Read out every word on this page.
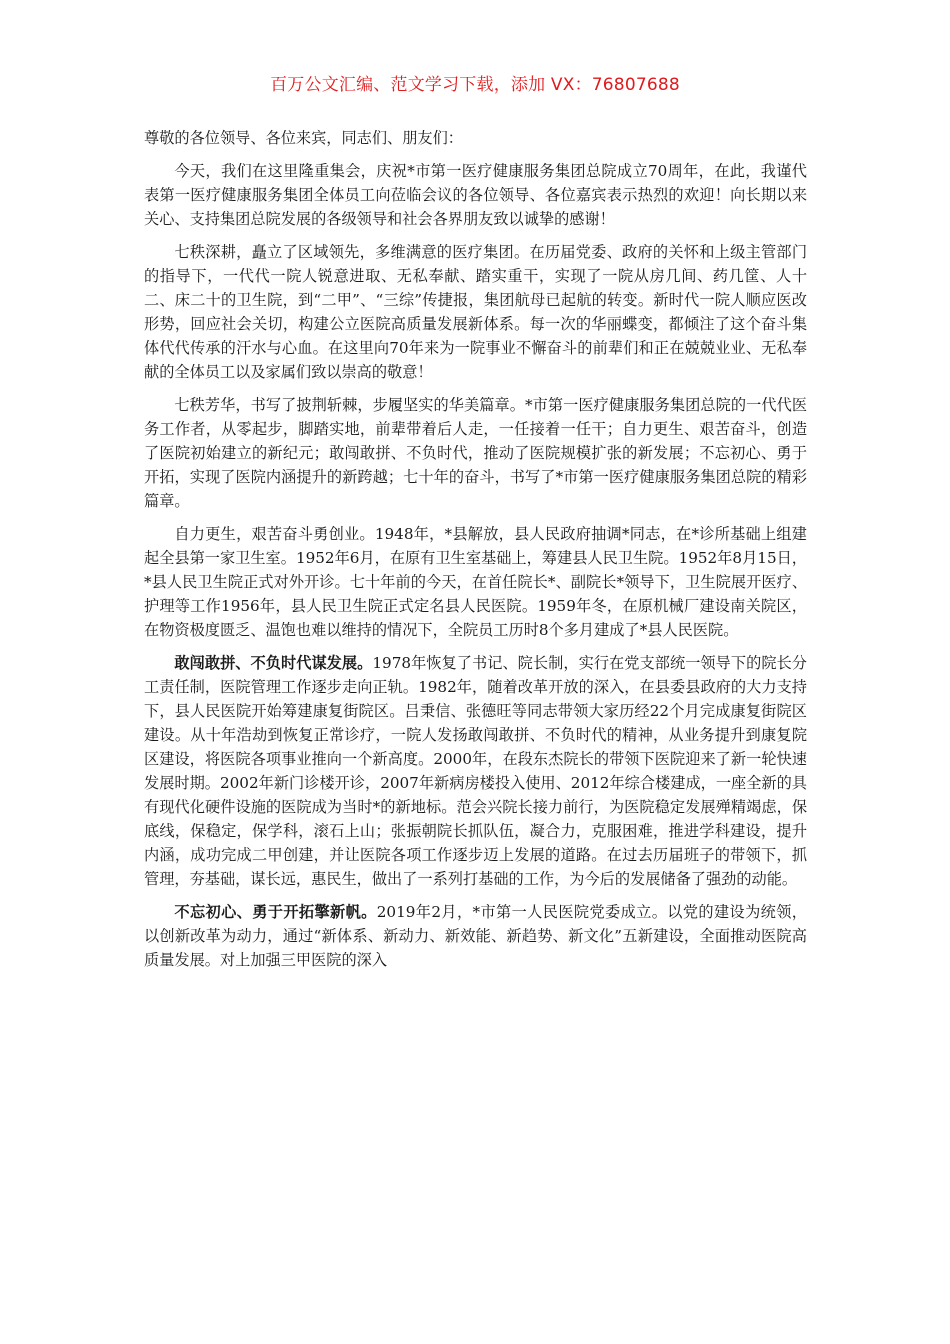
百万公文汇编、范文学习下载，添加 VX：76807688

尊敬的各位领导、各位来宾，同志们、朋友们：

今天，我们在这里隆重集会，庆祝*市第一医疗健康服务集团总院成立70周年，在此，我谨代表第一医疗健康服务集团全体员工向莅临会议的各位领导、各位嘉宾表示热烈的欢迎！向长期以来关心、支持集团总院发展的各级领导和社会各界朋友致以诚挚的感谢！

七秩深耕，矗立了区域领先，多维满意的医疗集团。在历届党委、政府的关怀和上级主管部门的指导下，一代代一院人锐意进取、无私奉献、踏实重干，实现了一院从房几间、药几筐、人十二、床二十的卫生院，到“二甲”、“三综”传捷报，集团航母已起航的转变。新时代一院人顺应医改形势，回应社会关切，构建公立医院高质量发展新体系。每一次的华丽蝶变，都倾注了这个奋斗集体代代传承的汗水与心血。在这里向70年来为一院事业不懈奋斗的前辈们和正在兢兢业业、无私奉献的全体员工以及家属们致以崇高的敬意！

七秩芳华，书写了披荆斩棘，步履坚实的华美篇章。*市第一医疗健康服务集团总院的一代代医务工作者，从零起步，脚踏实地，前辈带着后人走，一任接着一任干；自力更生、艰苦奋斗，创造了医院初始建立的新纪元；敢闯敢拼、不负时代，推动了医院规模扩张的新发展；不忘初心、勇于开拓，实现了医院内涵提升的新跨越；七十年的奋斗，书写了*市第一医疗健康服务集团总院的精彩篇章。

自力更生，艰苦奋斗勇创业。1948年，*县解放，县人民政府抽调*同志，在*诊所基础上组建起全县第一家卫生室。1952年6月，在原有卫生室基础上，筹建县人民卫生院。1952年8月15日，*县人民卫生院正式对外开诊。七十年前的今天，在首任院长*、副院长*领导下，卫生院展开医疗、护理等工作1956年，县人民卫生院正式定名县人民医院。1959年冬，在原机械厂建设南关院区，在物资极度匮乏、温饱也难以维持的情况下，全院员工历时8个多月建成了*县人民医院。

敢闯敢拼、不负时代谋发展。1978年恢复了书记、院长制，实行在党支部统一领导下的院长分工责任制，医院管理工作逐步走向正轨。1982年，随着改革开放的深入，在县委县政府的大力支持下，县人民医院开始筹建康复街院区。吕秉信、张德旺等同志带领大家历经22个月完成康复街院区建设。从十年浩劫到恢复正常诊疗，一院人发扬敢闯敢拼、不负时代的精神，从业务提升到康复院区建设，将医院各项事业推向一个新高度。2000年，在段东杰院长的带领下医院迎来了新一轮快速发展时期。2002年新门诊楼开诊，2007年新病房楼投入使用、2012年综合楼建成，一座全新的具有现代化硬件设施的医院成为当时*的新地标。范会兴院长接力前行，为医院稳定发展殚精竭虑，保底线，保稳定，保学科，滚石上山；张振朝院长抓队伍，凝合力，克服困难，推进学科建设，提升内涵，成功完成二甲创建，并让医院各项工作逐步迈上发展的道路。在过去历届班子的带领下，抓管理，夯基础，谋长远，惠民生，做出了一系列打基础的工作，为今后的发展储备了强劲的动能。

不忘初心、勇于开拓擎新帆。2019年2月，*市第一人民医院党委成立。以党的建设为统领，以创新改革为动力，通过“新体系、新动力、新效能、新趋势、新文化”五新建设，全面推动医院高质量发展。对上加强三甲医院的深入
